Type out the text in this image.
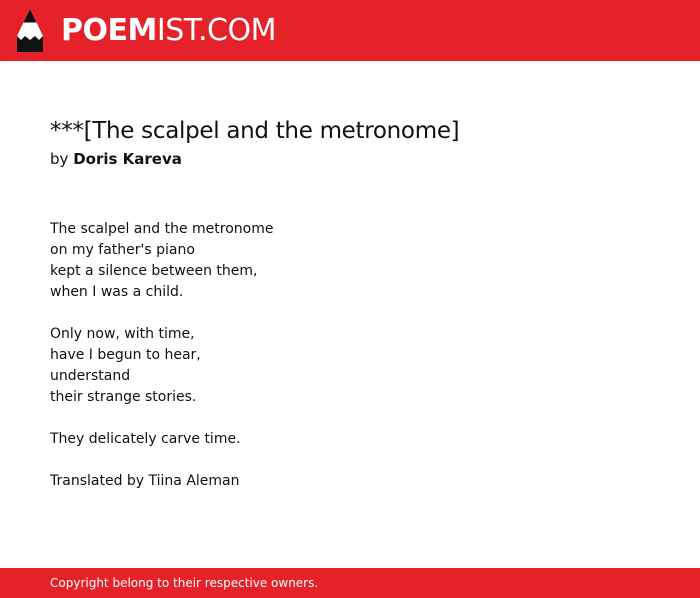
POEMIST.COM
***[The scalpel and the metronome]

by Doris Kareva

The scalpel and the metronome
on my father's piano
kept a silence between them,
when I was a child.

Only now, with time,
have I begun to hear,
understand
their strange stories.

They delicately carve time.

Translated by Tiina Aleman

Copyright belong to their respective owners.
